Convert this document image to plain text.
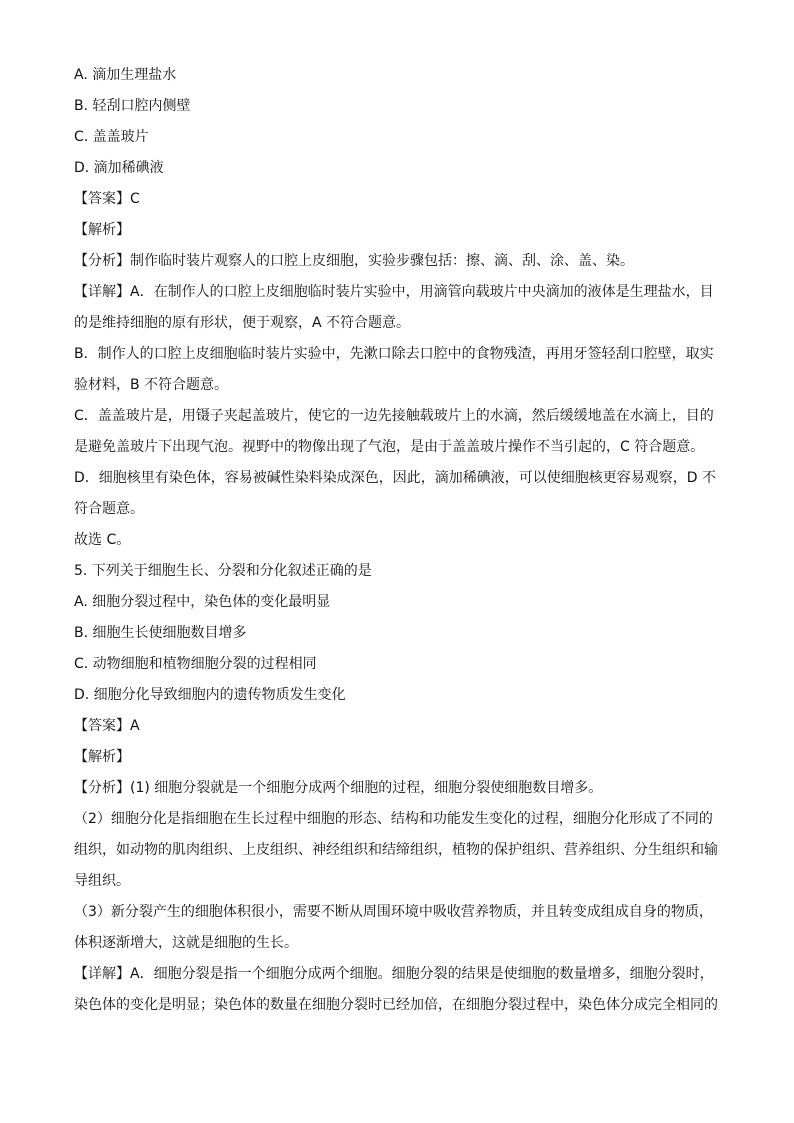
A. 滴加生理盐水

B. 轻刮口腔内侧壁

C. 盖盖玻片

D. 滴加稀碘液

【答案】C

【解析】

【分析】制作临时装片观察人的口腔上皮细胞，实验步骤包括：擦、滴、刮、涂、盖、染。

【详解】A．在制作人的口腔上皮细胞临时装片实验中，用滴管向载玻片中央滴加的液体是生理盐水，目

的是维持细胞的原有形状，便于观察，A 不符合题意。

B．制作人的口腔上皮细胞临时装片实验中，先漱口除去口腔中的食物残渣，再用牙签轻刮口腔壁，取实

验材料，B 不符合题意。

C．盖盖玻片是，用镊子夹起盖玻片，使它的一边先接触载玻片上的水滴，然后缓缓地盖在水滴上，目的

是避免盖玻片下出现气泡。视野中的物像出现了气泡，是由于盖盖玻片操作不当引起的，C 符合题意。

D．细胞核里有染色体，容易被碱性染料染成深色，因此，滴加稀碘液，可以使细胞核更容易观察，D 不

符合题意。

故选 C。

5. 下列关于细胞生长、分裂和分化叙述正确的是

A. 细胞分裂过程中，染色体的变化最明显

B. 细胞生长使细胞数目增多

C. 动物细胞和植物细胞分裂的过程相同

D. 细胞分化导致细胞内的遗传物质发生变化

【答案】A

【解析】

【分析】(1) 细胞分裂就是一个细胞分成两个细胞的过程，细胞分裂使细胞数目增多。

（2）细胞分化是指细胞在生长过程中细胞的形态、结构和功能发生变化的过程，细胞分化形成了不同的

组织，如动物的肌肉组织、上皮组织、神经组织和结缔组织，植物的保护组织、营养组织、分生组织和输

导组织。

（3）新分裂产生的细胞体积很小，需要不断从周围环境中吸收营养物质，并且转变成组成自身的物质，

体积逐渐增大，这就是细胞的生长。

【详解】A．细胞分裂是指一个细胞分成两个细胞。细胞分裂的结果是使细胞的数量增多，细胞分裂时，

染色体的变化是明显；染色体的数量在细胞分裂时已经加倍，在细胞分裂过程中，染色体分成完全相同的
